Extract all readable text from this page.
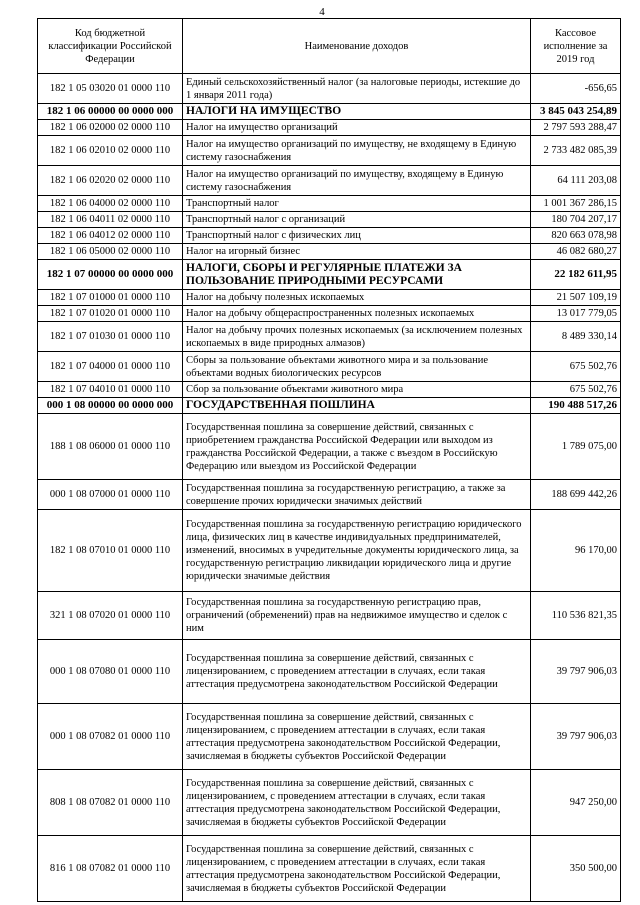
4
Код бюджетной классификации Российской Федерации	Наименование доходов	Кассовое исполнение за 2019 год
182 1 05 03020 01 0000 110	Единый сельскохозяйственный налог (за налоговые периоды, истекшие до 1 января 2011 года)	-656,65
182 1 06 00000 00 0000 000	НАЛОГИ НА ИМУЩЕСТВО	3 845 043 254,89
182 1 06 02000 02 0000 110	Налог на имущество организаций	2 797 593 288,47
182 1 06 02010 02 0000 110	Налог на имущество организаций по имуществу, не входящему в Единую систему газоснабжения	2 733 482 085,39
182 1 06 02020 02 0000 110	Налог на имущество организаций по имуществу, входящему в Единую систему газоснабжения	64 111 203,08
182 1 06 04000 02 0000 110	Транспортный налог	1 001 367 286,15
182 1 06 04011 02 0000 110	Транспортный налог с организаций	180 704 207,17
182 1 06 04012 02 0000 110	Транспортный налог с физических лиц	820 663 078,98
182 1 06 05000 02 0000 110	Налог на игорный бизнес	46 082 680,27
182 1 07 00000 00 0000 000	НАЛОГИ, СБОРЫ И РЕГУЛЯРНЫЕ ПЛАТЕЖИ ЗА ПОЛЬЗОВАНИЕ ПРИРОДНЫМИ РЕСУРСАМИ	22 182 611,95
182 1 07 01000 01 0000 110	Налог на добычу полезных ископаемых	21 507 109,19
182 1 07 01020 01 0000 110	Налог на добычу общераспространенных полезных ископаемых	13 017 779,05
182 1 07 01030 01 0000 110	Налог на добычу прочих полезных ископаемых (за исключением полезных ископаемых в виде природных алмазов)	8 489 330,14
182 1 07 04000 01 0000 110	Сборы за пользование объектами животного мира и за пользование объектами водных биологических ресурсов	675 502,76
182 1 07 04010 01 0000 110	Сбор за пользование объектами животного мира	675 502,76
000 1 08 00000 00 0000 000	ГОСУДАРСТВЕННАЯ ПОШЛИНА	190 488 517,26
188 1 08 06000 01 0000 110	Государственная пошлина за совершение действий, связанных с приобретением гражданства Российской Федерации или выходом из гражданства Российской Федерации, а также с въездом в Российскую Федерацию или выездом из Российской Федерации	1 789 075,00
000 1 08 07000 01 0000 110	Государственная пошлина за государственную регистрацию, а также за совершение прочих юридически значимых действий	188 699 442,26
182 1 08 07010 01 0000 110	Государственная пошлина за государственную регистрацию юридического лица, физических лиц в качестве индивидуальных предпринимателей, изменений, вносимых в учредительные документы юридического лица, за государственную регистрацию ликвидации юридического лица и другие юридически значимые действия	96 170,00
321 1 08 07020 01 0000 110	Государственная пошлина за государственную регистрацию прав, ограничений (обременений) прав на недвижимое имущество и сделок с ним	110 536 821,35
000 1 08 07080 01 0000 110	Государственная пошлина за совершение действий, связанных с лицензированием, с проведением аттестации в случаях, если такая аттестация предусмотрена законодательством Российской Федерации	39 797 906,03
000 1 08 07082 01 0000 110	Государственная пошлина за совершение действий, связанных с лицензированием, с проведением аттестации в случаях, если такая аттестация предусмотрена законодательством Российской Федерации, зачисляемая в бюджеты субъектов Российской Федерации	39 797 906,03
808 1 08 07082 01 0000 110	Государственная пошлина за совершение действий, связанных с лицензированием, с проведением аттестации в случаях, если такая аттестация предусмотрена законодательством Российской Федерации, зачисляемая в бюджеты субъектов Российской Федерации	947 250,00
816 1 08 07082 01 0000 110	Государственная пошлина за совершение действий, связанных с лицензированием, с проведением аттестации в случаях, если такая аттестация предусмотрена законодательством Российской Федерации, зачисляемая в бюджеты субъектов Российской Федерации	350 500,00
